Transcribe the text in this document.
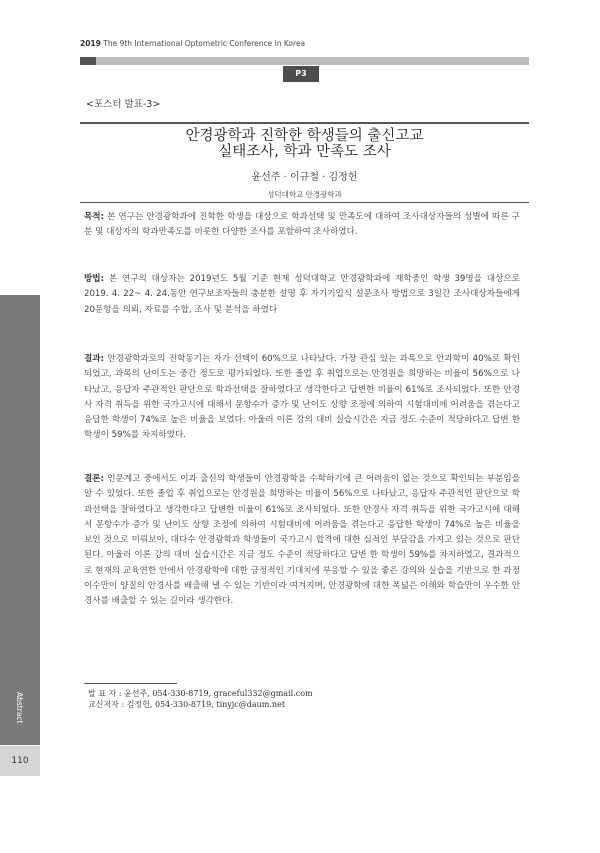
2019 The 9th International Optometric Conference in Korea
P3
<포스터 발표-3>
안경광학과 진학한 학생들의 출신고교
실태조사, 학과 만족도 조사
윤선주 · 이규철 · 김정헌
성덕대학교 안경광학과
목적: 본 연구는 안경광학과에 진학한 학생을 대상으로 학과선택 및 만족도에 대하여 조사대상자들의 성별에 따른 구분 및 대상자의 학과만족도를 비롯한 다양한 조사를 포함하여 조사하였다.
방법: 본 연구의 대상자는 2019년도 5월 기준 현재 성덕대학교 안경광학과에 재학중인 학생 39명을 대상으로 2019. 4. 22~ 4. 24.동안 연구보조자들의 충분한 설명 후 자기기입식 설문조사 방법으로 3일간 조사대상자들에게 20문항을 의뢰, 자료를 수합, 조사 및 분석을 하였다
결과: 안경광학과로의 진학동기는 자가 선택이 60%으로 나타났다. 가장 관심 있는 과목으로 안과학이 40%로 확인 되었고, 과목의 난이도는 중간 정도로 평가되었다. 또한 졸업 후 취업으로는 안경원을 희망하는 비율이 56%으로 나타났고, 응답자 주관적인 판단으로 학과선택을 잘하였다고 생각한다고 답변한 비율이 61%로 조사되었다. 또한 안경사 자격 취득을 위한 국가고시에 대해서 문항수가 증가 및 난이도 상향 조정에 의하여 시험대비에 어려움을 겪는다고 응답한 학생이 74%로 높은 비율을 보였다. 아울러 이론 강의 대비 실습시간은 지금 정도 수준이 적당하다고 답변 한 학생이 59%를 차지하였다.
결론: 인문계고 중에서도 이과 출신의 학생들이 안경광학을 수학하기에 큰 어려움이 없는 것으로 확인되는 부분임을 알 수 있었다. 또한 졸업 후 취업으로는 안경원을 희망하는 비율이 56%으로 나타났고, 응답자 주관적인 판단으로 학과선택을 잘하였다고 생각한다고 답변한 비율이 61%로 조사되었다. 또한 안경사 자격 취득을 위한 국가고시에 대해서 문항수가 증가 및 난이도 상향 조정에 의하여 시험대비에 어려움을 겪는다고 응답한 학생이 74%로 높은 비율을 보인 것으로 미뤄보아, 대다수 안경광학과 학생들이 국가고시 합격에 대한 심적인 부담감을 가지고 있는 것으로 판단된다. 아울러 이론 강의 대비 실습시간은 지금 정도 수준이 적당하다고 답변 한 학생이 59%를 차지하였고, 결과적으로 현재의 교육연한 안에서 안경광학에 대한 긍정적인 기대치에 부응할 수 있을 좋은 강의와 실습을 기반으로 한 과정이수만이 양질의 안경사를 배출해 낼 수 있는 기반이라 여겨지며, 안경광학에 대한 폭넓은 이해와 학습만이 우수한 안경사를 배출할 수 있는 길이라 생각한다.
발 표 자 : 윤선주, 054-330-8719, graceful332@gmail.com
교신저자 : 김정헌, 054-330-8719, tinyjc@daum.net
Abstract
110
